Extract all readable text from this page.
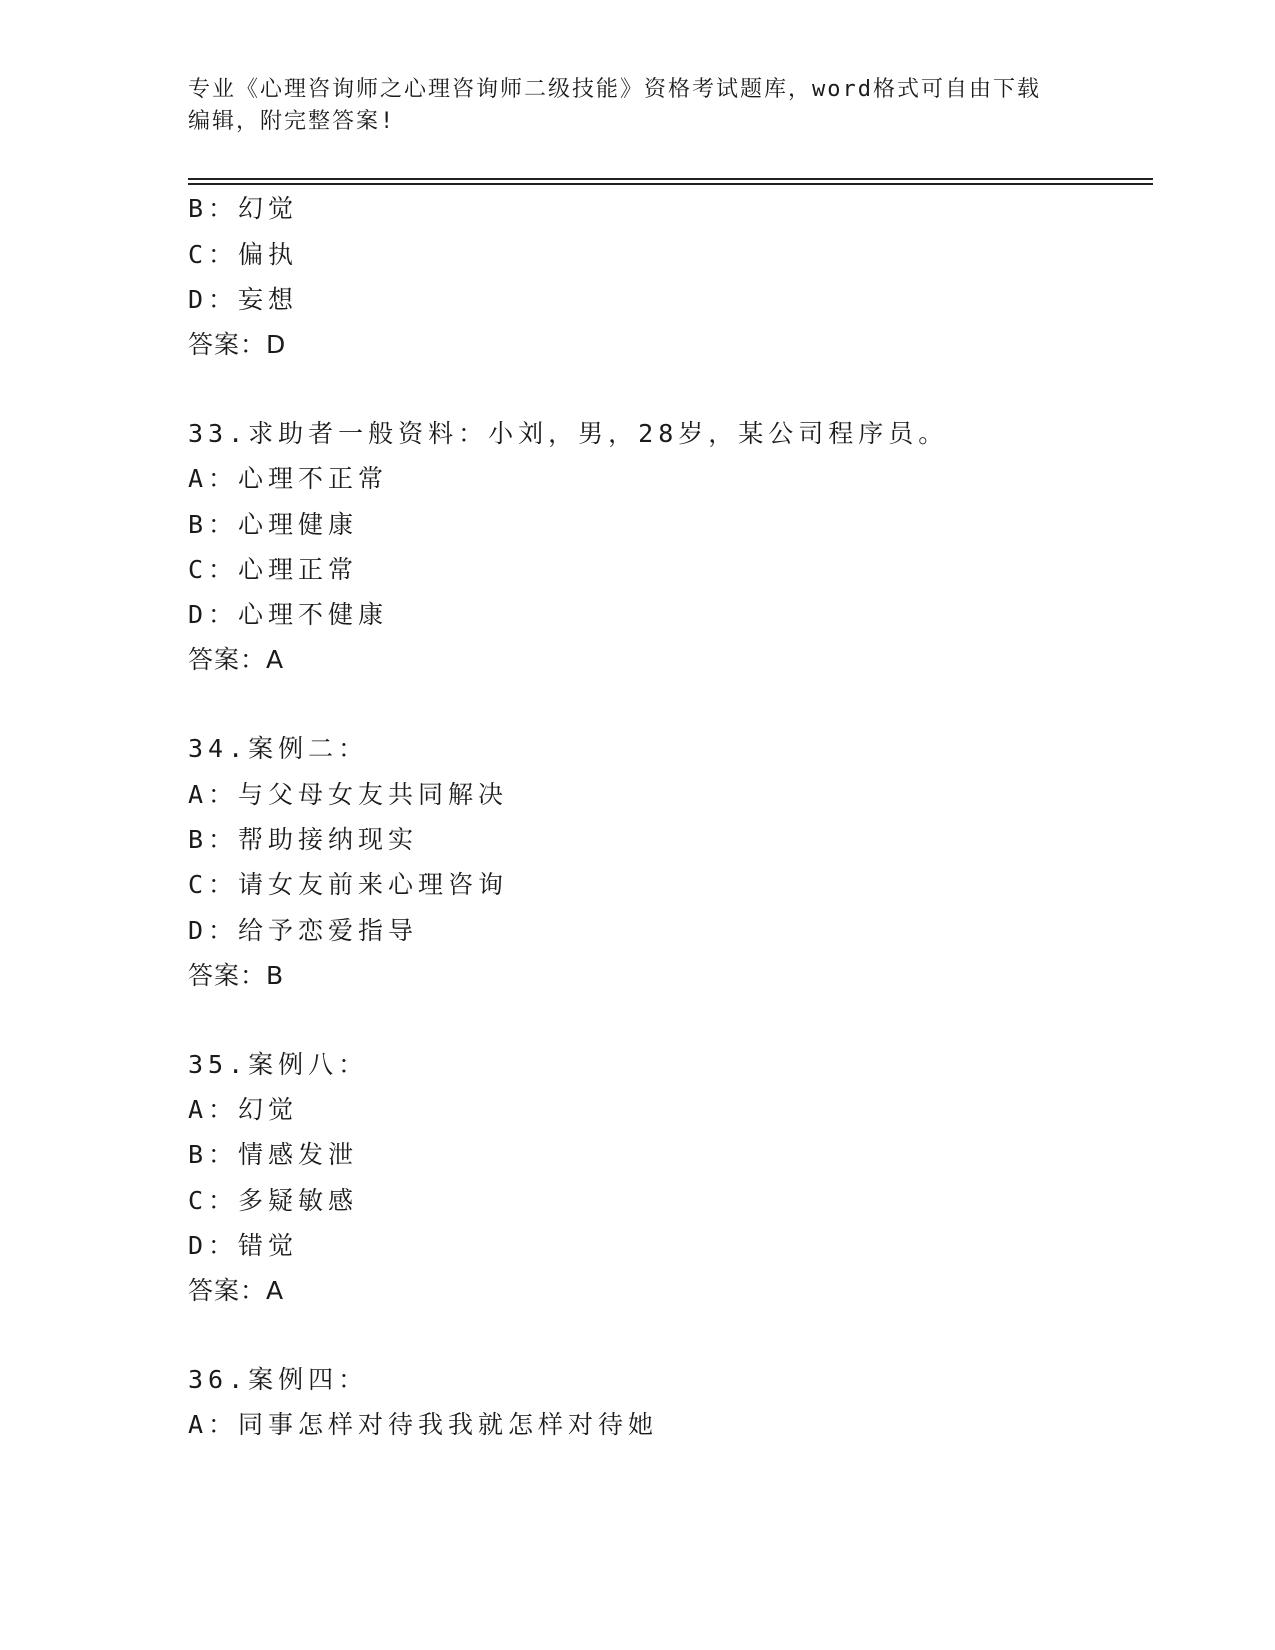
专业《心理咨询师之心理咨询师二级技能》资格考试题库，word格式可自由下载
编辑，附完整答案!
B：幻觉
C：偏执
D：妄想
答案：D
33.求助者一般资料：小刘，男，28岁，某公司程序员。
A：心理不正常
B：心理健康
C：心理正常
D：心理不健康
答案：A
34.案例二：
A：与父母女友共同解决
B：帮助接纳现实
C：请女友前来心理咨询
D：给予恋爱指导
答案：B
35.案例八：
A：幻觉
B：情感发泄
C：多疑敏感
D：错觉
答案：A
36.案例四：
A：同事怎样对待我我就怎样对待她
